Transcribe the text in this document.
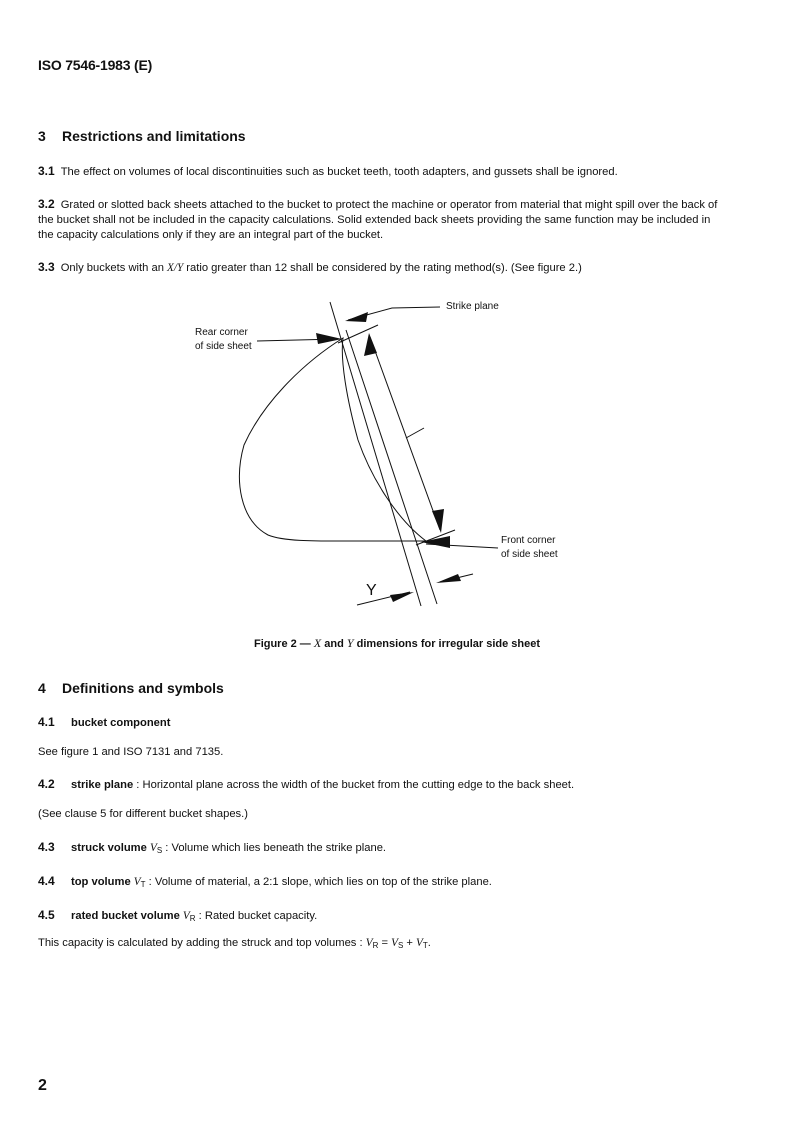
ISO 7546-1983 (E)
3 Restrictions and limitations
3.1 The effect on volumes of local discontinuities such as bucket teeth, tooth adapters, and gussets shall be ignored.
3.2 Grated or slotted back sheets attached to the bucket to protect the machine or operator from material that might spill over the back of the bucket shall not be included in the capacity calculations. Solid extended back sheets providing the same function may be included in the capacity calculations only if they are an integral part of the bucket.
3.3 Only buckets with an X/Y ratio greater than 12 shall be considered by the rating method(s). (See figure 2.)
X
Strike plane
Rear corner
of side sheet
Front corner
of side sheet
Y
Figure 2 — X and Y dimensions for irregular side sheet
4 Definitions and symbols
4.1 bucket component
See figure 1 and ISO 7131 and 7135.
4.2 strike plane : Horizontal plane across the width of the bucket from the cutting edge to the back sheet.
(See clause 5 for different bucket shapes.)
4.3 struck volume $V_S$ : Volume which lies beneath the strike plane.
4.4 top volume $V_T$ : Volume of material, a 2:1 slope, which lies on top of the strike plane.
4.5 rated bucket volume $V_R$ : Rated bucket capacity.
This capacity is calculated by adding the struck and top volumes : $V_R = V_S + V_T$.
2
